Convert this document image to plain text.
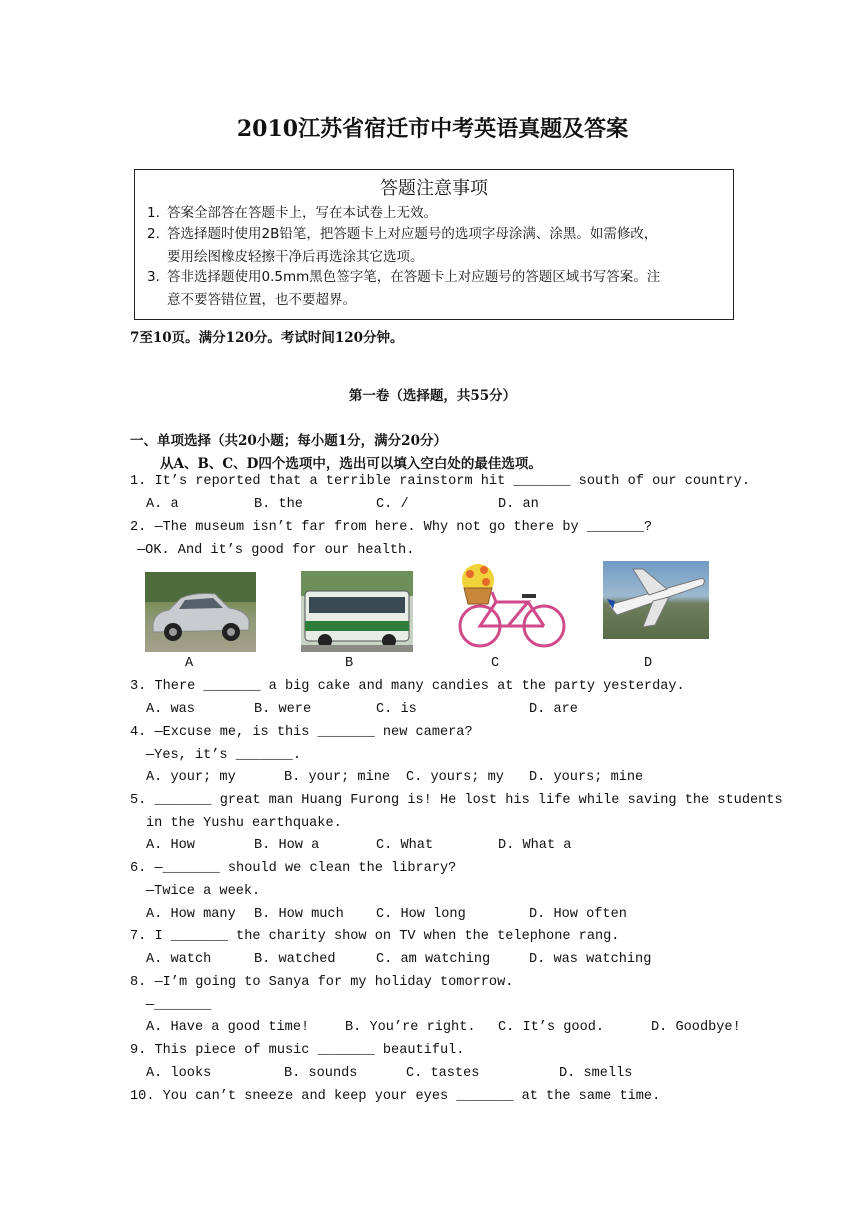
2010江苏省宿迁市中考英语真题及答案
答题注意事项
1. 答案全部答在答题卡上，写在本试卷上无效。
2. 答选择题时使用2B铅笔，把答题卡上对应题号的选项字母涂满、涂黑。如需修改，
要用绘图橡皮轻擦干净后再选涂其它选项。
3. 答非选择题使用0.5mm黑色签字笔，在答题卡上对应题号的答题区域书写答案。注
意不要答错位置，也不要超界。
7至10页。满分120分。考试时间120分钟。
第一卷（选择题，共55分）
一、单项选择（共20小题；每小题1分，满分20分）
从A、B、C、D四个选项中，选出可以填入空白处的最佳选项。
1. It’s reported that a terrible rainstorm hit _______ south of our country.
A. a	B. the	C. /	D. an
2. —The museum isn’t far from here. Why not go there by _______?
—OK. And it’s good for our health.
A	B	C	D
3. There _______ a big cake and many candies at the party yesterday.
A. was	B. were	C. is	D. are
4. —Excuse me, is this _______ new camera?
—Yes, it’s _______.
A. your; my	B. your; mine C. yours; my D. yours; mine
5. _______ great man Huang Furong is! He lost his life while saving the students
in the Yushu earthquake.
A. How	B. How a	C. What	D. What a
6. —_______ should we clean the library?
—Twice a week.
A. How many B. How much C. How long	D. How often
7. I _______ the charity show on TV when the telephone rang.
A. watch	B. watched	C. am watching	D. was watching
8. —I’m going to Sanya for my holiday tomorrow.
—_______
A. Have a good time!	B. You’re right. C. It’s good.	D. Goodbye!
9. This piece of music _______ beautiful.
A. looks	B. sounds	C. tastes	D. smells
10. You can’t sneeze and keep your eyes _______ at the same time.
